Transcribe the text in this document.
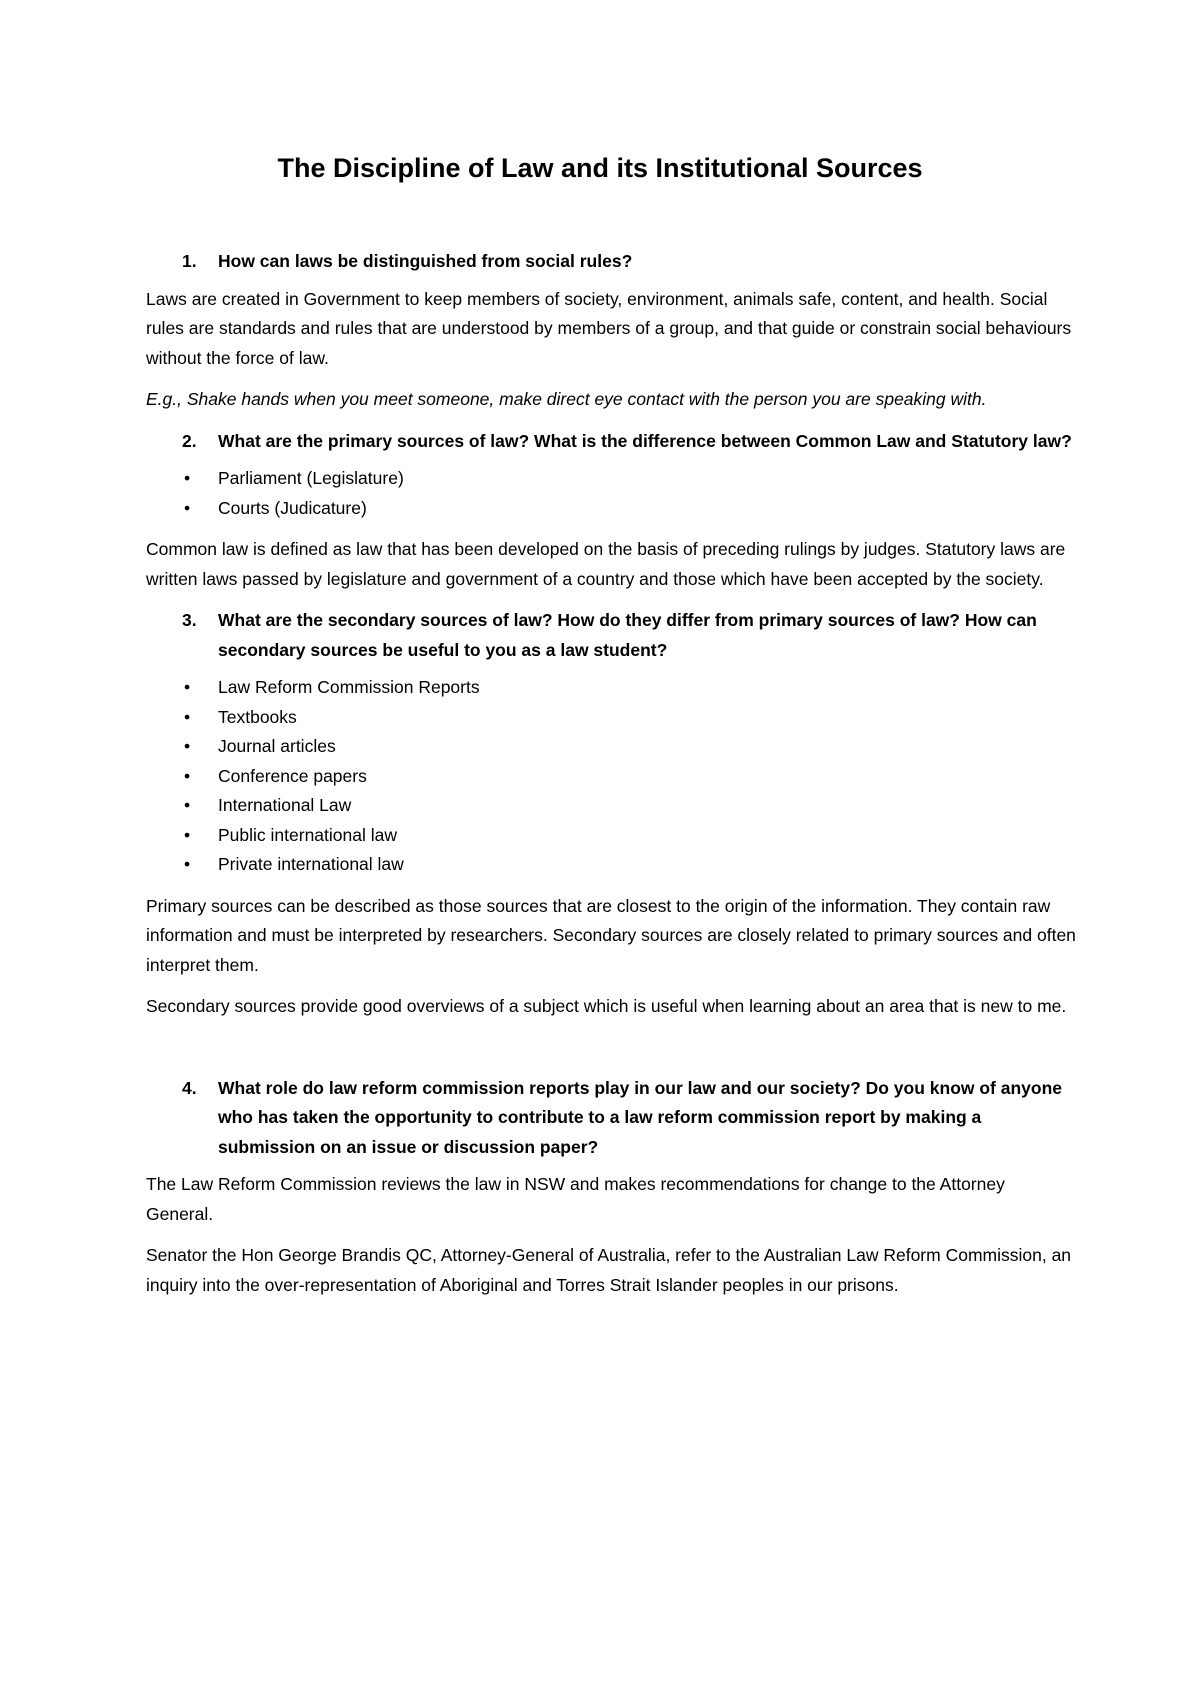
The Discipline of Law and its Institutional Sources
1.	How can laws be distinguished from social rules?

Laws are created in Government to keep members of society, environment, animals safe, content, and health. Social rules are standards and rules that are understood by members of a group, and that guide or constrain social behaviours without the force of law.

E.g., Shake hands when you meet someone, make direct eye contact with the person you are speaking with.

2.	What are the primary sources of law? What is the difference between Common Law and Statutory law?
•
Parliament (Legislature)
•
Courts (Judicature)

Common law is defined as law that has been developed on the basis of preceding rulings by judges. Statutory laws are written laws passed by legislature and government of a country and those which have been accepted by the society.

3.	What are the secondary sources of law? How do they differ from primary sources of law? How can secondary sources be useful to you as a law student?
•
Law Reform Commission Reports
•
Textbooks
•
Journal articles
•
Conference papers
•
International Law
•
Public international law
•
Private international law

Primary sources can be described as those sources that are closest to the origin of the information. They contain raw information and must be interpreted by researchers. Secondary sources are closely related to primary sources and often interpret them.

Secondary sources provide good overviews of a subject which is useful when learning about an area that is new to me.

4.	What role do law reform commission reports play in our law and our society? Do you know of anyone who has taken the opportunity to contribute to a law reform commission report by making a submission on an issue or discussion paper?

The Law Reform Commission reviews the law in NSW and makes recommendations for change to the Attorney General.

Senator the Hon George Brandis QC, Attorney-General of Australia, refer to the Australian Law Reform Commission, an inquiry into the over-representation of Aboriginal and Torres Strait Islander peoples in our prisons.
